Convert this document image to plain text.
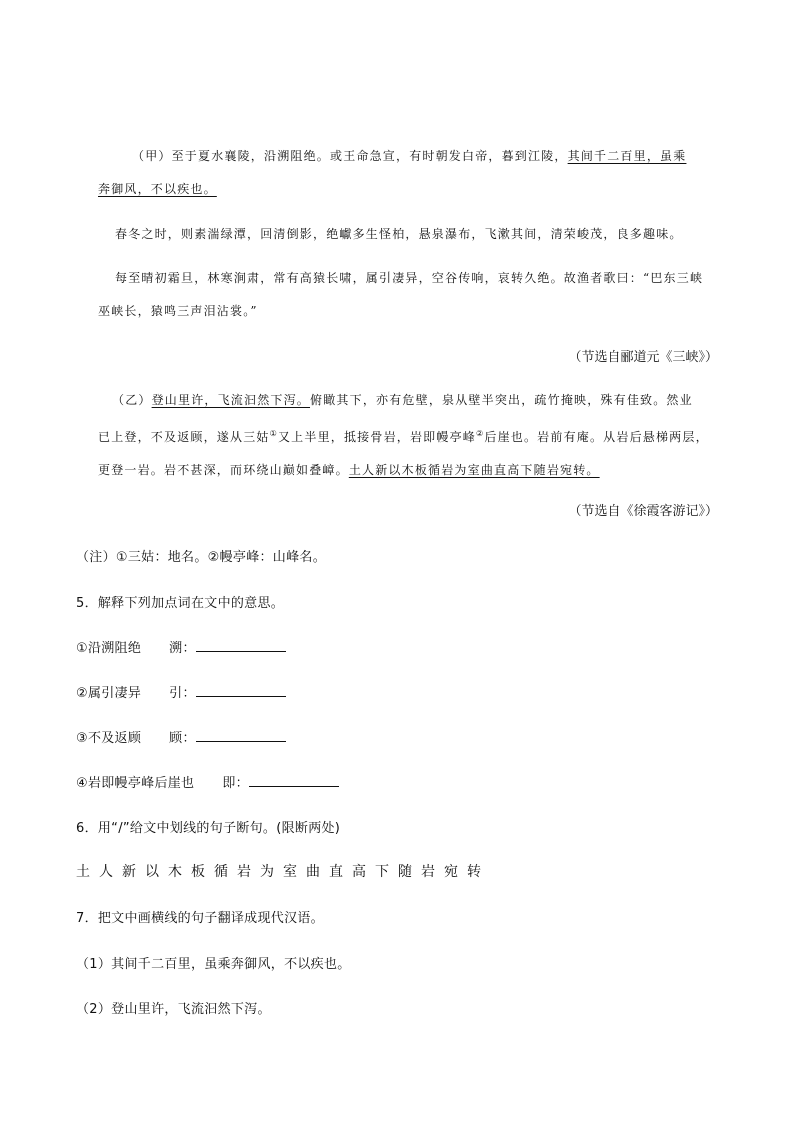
（甲）至于夏水襄陵，沿溯阻绝。或王命急宣，有时朝发白帝，暮到江陵，其间千二百里，虽乘
奔御风，不以疾也。
春冬之时，则素湍绿潭，回清倒影，绝巘多生怪柏，悬泉瀑布，飞漱其间，清荣峻茂，良多趣味。
每至晴初霜旦，林寒涧肃，常有高猿长啸，属引凄异，空谷传响，哀转久绝。故渔者歌曰：“巴东三峡
巫峡长，猿鸣三声泪沾裳。”
（节选自郦道元《三峡》）
（乙）登山里许，飞流汩然下泻。俯瞰其下，亦有危壁，泉从壁半突出，疏竹掩映，殊有佳致。然业
已上登，不及返顾，遂从三姑①又上半里，抵接骨岩，岩即幔亭峰②后崖也。岩前有庵。从岩后悬梯两层，
更登一岩。岩不甚深，而环绕山巅如叠嶂。土人新以木板循岩为室曲直高下随岩宛转。
（节选自《徐霞客游记》）
（注）①三姑：地名。②幔亭峰：山峰名。
5．解释下列加点词在文中的意思。
①沿溯阻绝 溯：
②属引凄异 引：
③不及返顾 顾：
④岩即幔亭峰后崖也 即：
6．用“/”给文中划线的句子断句。(限断两处)
土人新以木板循岩为室曲直高下随岩宛转
7．把文中画横线的句子翻译成现代汉语。
（1）其间千二百里，虽乘奔御风，不以疾也。
（2）登山里许，飞流汩然下泻。
